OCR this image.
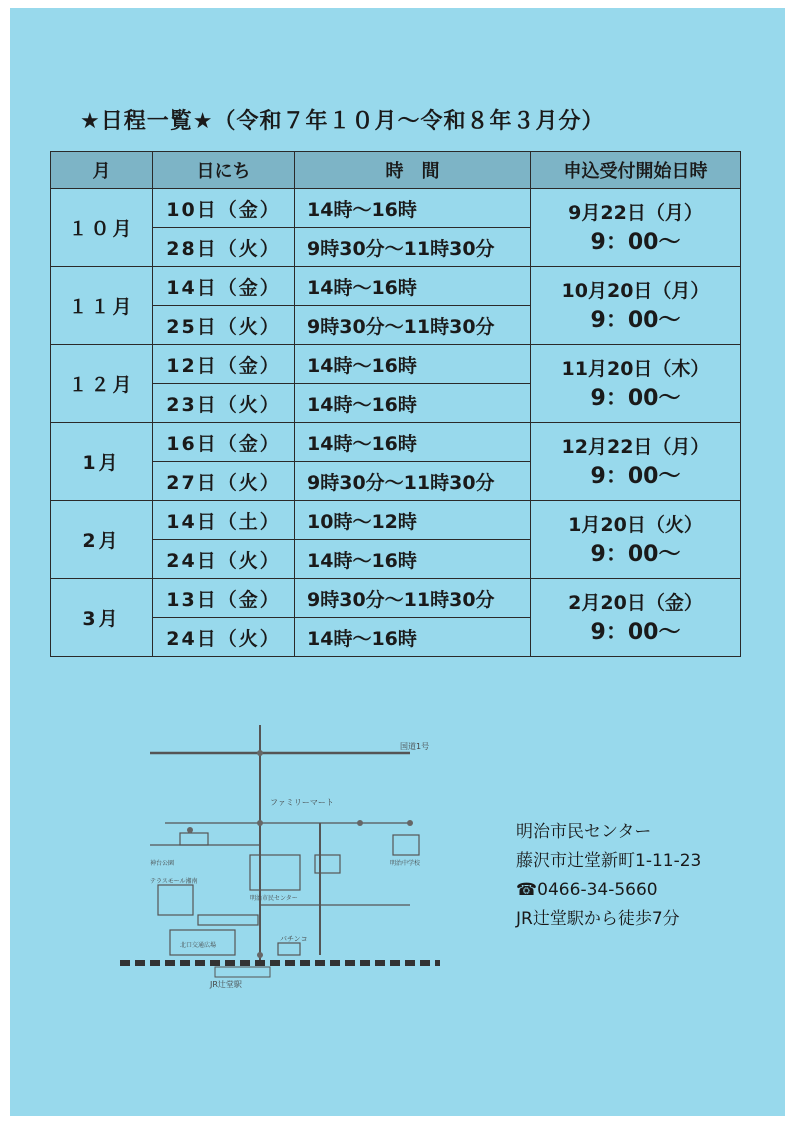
★日程一覧★（令和７年１０月～令和８年３月分）
月	日にち	時　間	申込受付開始日時
１０月	10日（金）	14時～16時	9月22日（月）
9：00～

	28日（火）	9時30分～11時30分	
１１月	14日（金）	14時～16時	10月20日（月）
9：00～

	25日（火）	9時30分～11時30分	
１２月	12日（金）	14時～16時	11月20日（木）
9：00～

	23日（火）	14時～16時	
1月	16日（金）	14時～16時	12月22日（月）
9：00～

	27日（火）	9時30分～11時30分	
2月	14日（土）	10時～12時	1月20日（火）
9：00～

	24日（火）	14時～16時	
3月	13日（金）	9時30分～11時30分	2月20日（金）
9：00～

	24日（火）	14時～16時	
国道1号
ファミリーマート
明治市民センター
テラスモール湘南
パチンコ
北口交通広場
明治中学校
神台公園
JR辻堂駅
明治市民センター
藤沢市辻堂新町1-11-23
☎0466-34-5660
JR辻堂駅から徒歩7分
